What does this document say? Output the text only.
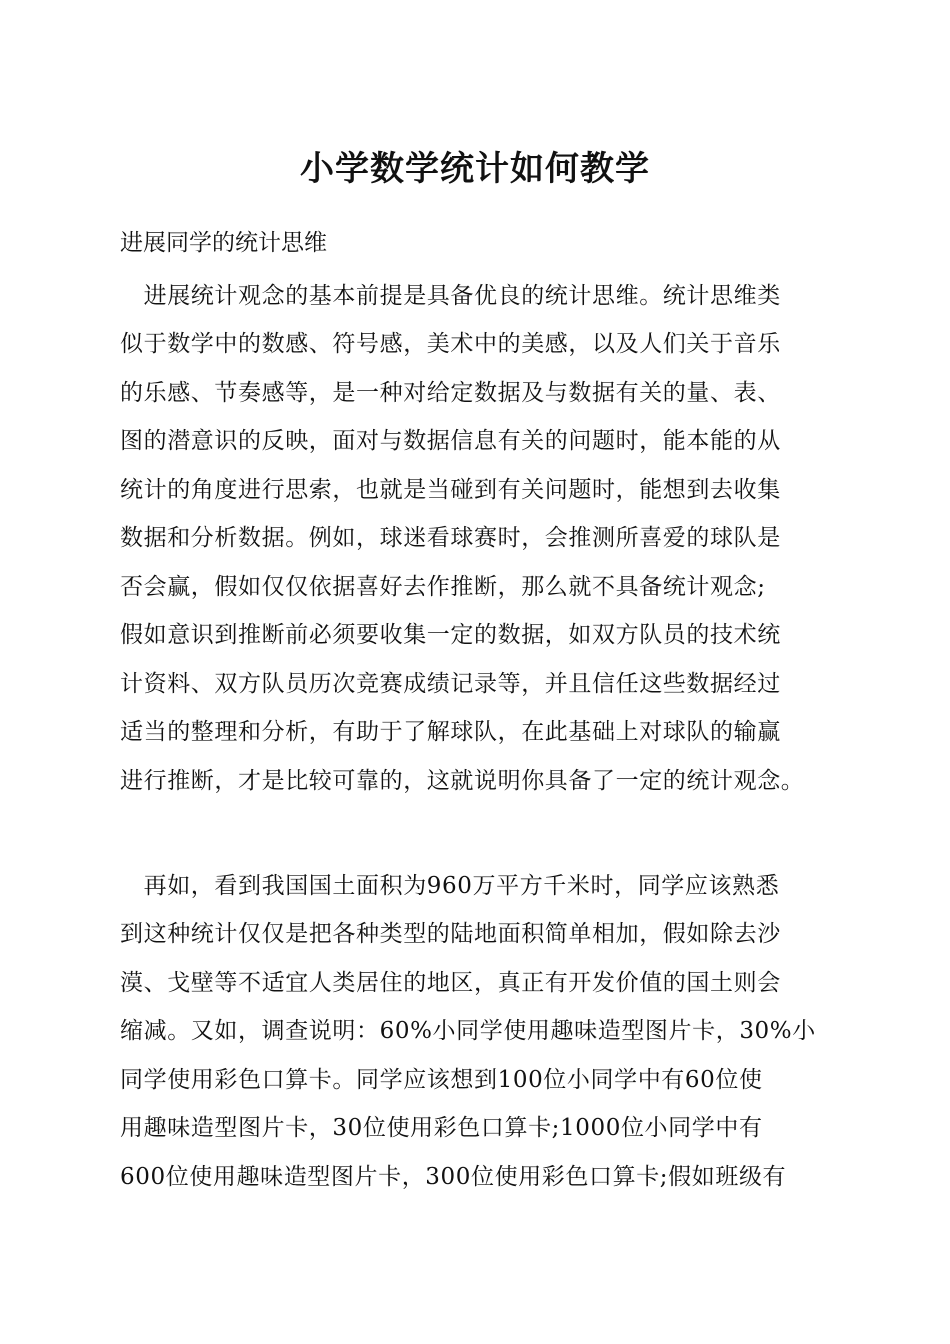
小学数学统计如何教学
进展同学的统计思维
　进展统计观念的基本前提是具备优良的统计思维。统计思维类
似于数学中的数感、符号感，美术中的美感，以及人们关于音乐
的乐感、节奏感等，是一种对给定数据及与数据有关的量、表、
图的潜意识的反映，面对与数据信息有关的问题时，能本能的从
统计的角度进行思索，也就是当碰到有关问题时，能想到去收集
数据和分析数据。例如，球迷看球赛时，会推测所喜爱的球队是
否会赢，假如仅仅依据喜好去作推断，那么就不具备统计观念;
假如意识到推断前必须要收集一定的数据，如双方队员的技术统
计资料、双方队员历次竞赛成绩记录等，并且信任这些数据经过
适当的整理和分析，有助于了解球队，在此基础上对球队的输赢
进行推断，才是比较可靠的，这就说明你具备了一定的统计观念。
　再如，看到我国国土面积为960万平方千米时，同学应该熟悉
到这种统计仅仅是把各种类型的陆地面积简单相加，假如除去沙
漠、戈壁等不适宜人类居住的地区，真正有开发价值的国土则会
缩减。又如，调查说明：60%小同学使用趣味造型图片卡，30%小
同学使用彩色口算卡。同学应该想到100位小同学中有60位使
用趣味造型图片卡，30位使用彩色口算卡;1000位小同学中有
600位使用趣味造型图片卡，300位使用彩色口算卡;假如班级有
